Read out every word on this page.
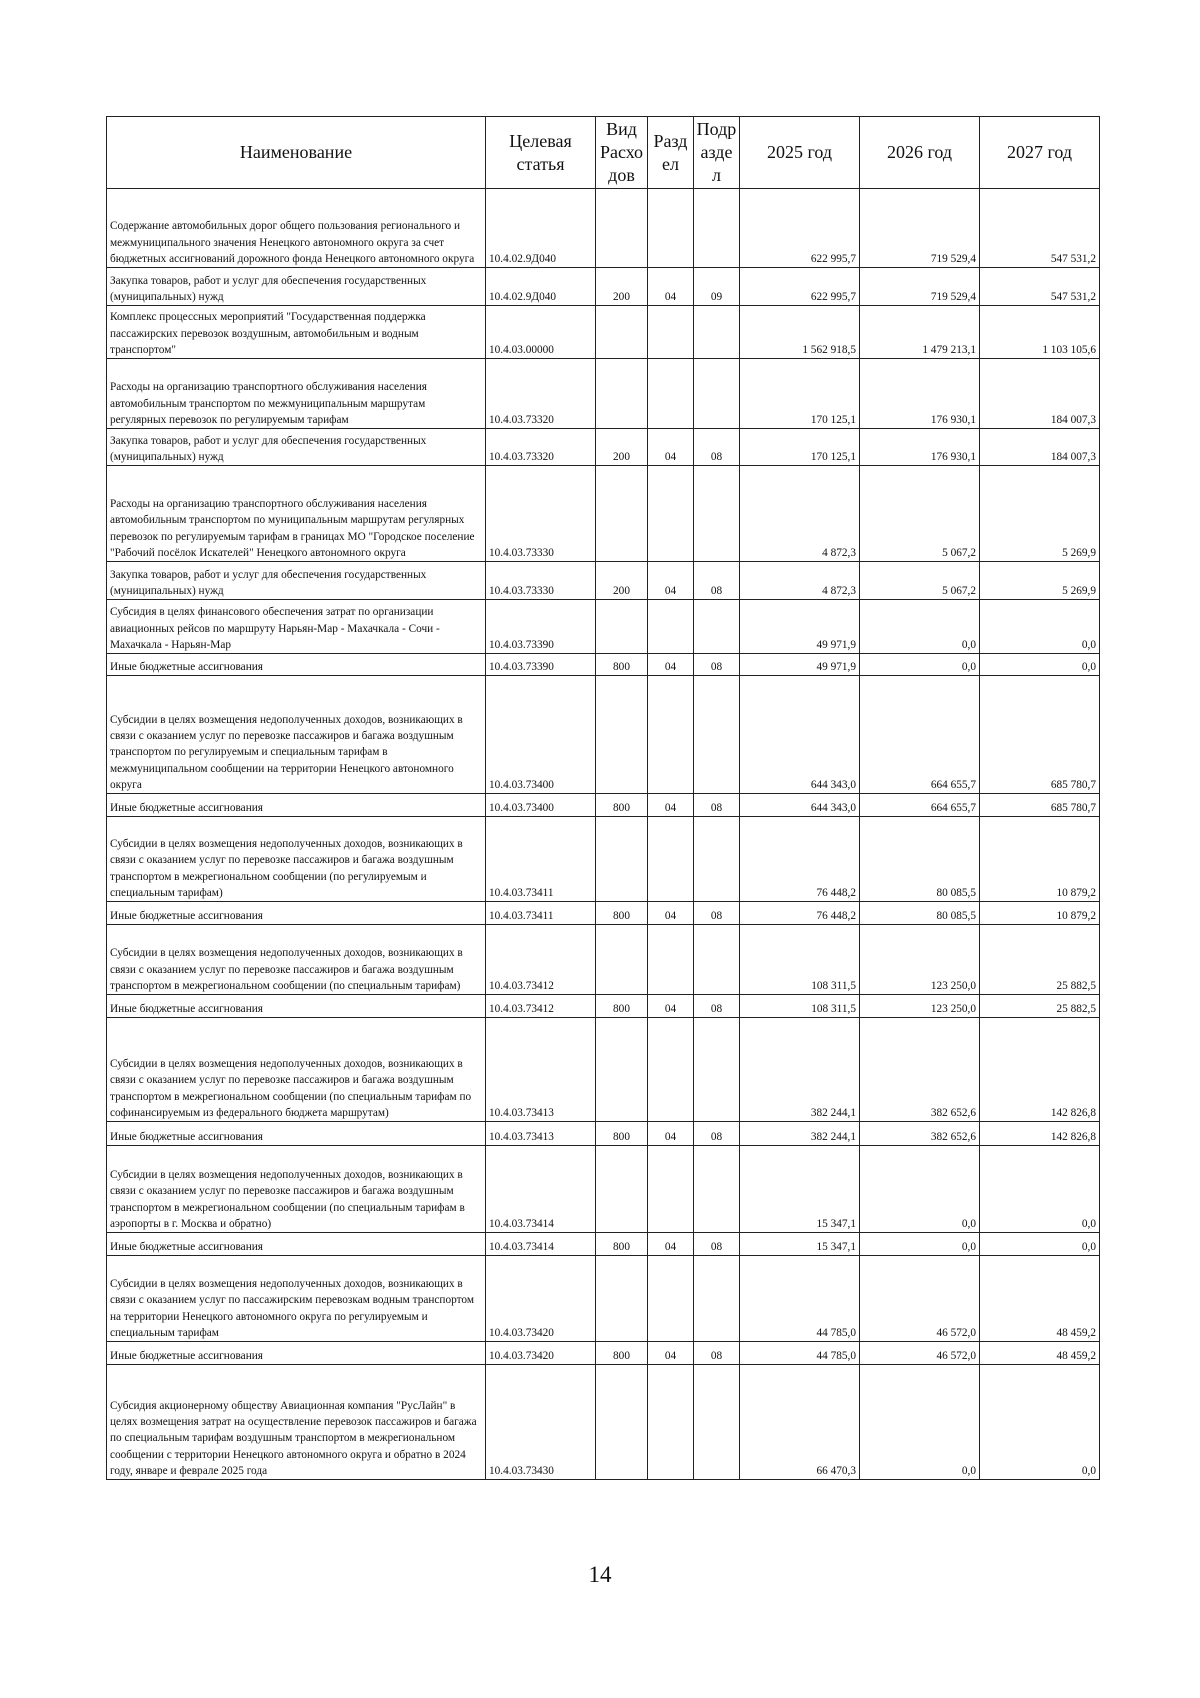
Наименование	Целевая статья	Вид Расхо дов	Разд ел	Подр азде л	2025 год	2026 год	2027 год
Содержание автомобильных дорог общего пользования регионального и межмуниципального значения Ненецкого автономного округа за счет бюджетных ассигнований дорожного фонда Ненецкого автономного округа	10.4.02.9Д040				622 995,7	719 529,4	547 531,2
Закупка товаров, работ и услуг для обеспечения государственных (муниципальных) нужд	10.4.02.9Д040	200	04	09	622 995,7	719 529,4	547 531,2
Комплекс процессных мероприятий "Государственная поддержка пассажирских перевозок воздушным, автомобильным и водным транспортом"	10.4.03.00000				1 562 918,5	1 479 213,1	1 103 105,6
Расходы на организацию транспортного обслуживания населения автомобильным транспортом по межмуниципальным маршрутам регулярных перевозок по регулируемым тарифам	10.4.03.73320				170 125,1	176 930,1	184 007,3
Закупка товаров, работ и услуг для обеспечения государственных (муниципальных) нужд	10.4.03.73320	200	04	08	170 125,1	176 930,1	184 007,3
Расходы на организацию транспортного обслуживания населения автомобильным транспортом по муниципальным маршрутам регулярных перевозок по регулируемым тарифам в границах МО "Городское поселение "Рабочий посёлок Искателей" Ненецкого автономного округа	10.4.03.73330				4 872,3	5 067,2	5 269,9
Закупка товаров, работ и услуг для обеспечения государственных (муниципальных) нужд	10.4.03.73330	200	04	08	4 872,3	5 067,2	5 269,9
Субсидия в целях финансового обеспечения затрат по организации авиационных рейсов по маршруту Нарьян-Мар - Махачкала - Сочи - Махачкала - Нарьян-Мар	10.4.03.73390				49 971,9	0,0	0,0
Иные бюджетные ассигнования	10.4.03.73390	800	04	08	49 971,9	0,0	0,0
Субсидии в целях возмещения недополученных доходов, возникающих в связи с оказанием услуг по перевозке пассажиров и багажа воздушным транспортом по регулируемым и специальным тарифам в межмуниципальном сообщении на территории Ненецкого автономного округа	10.4.03.73400				644 343,0	664 655,7	685 780,7
Иные бюджетные ассигнования	10.4.03.73400	800	04	08	644 343,0	664 655,7	685 780,7
Субсидии в целях возмещения недополученных доходов, возникающих в связи с оказанием услуг по перевозке пассажиров и багажа воздушным транспортом в межрегиональном сообщении (по регулируемым и специальным тарифам)	10.4.03.73411				76 448,2	80 085,5	10 879,2
Иные бюджетные ассигнования	10.4.03.73411	800	04	08	76 448,2	80 085,5	10 879,2
Субсидии в целях возмещения недополученных доходов, возникающих в связи с оказанием услуг по перевозке пассажиров и багажа воздушным транспортом в межрегиональном сообщении (по специальным тарифам)	10.4.03.73412				108 311,5	123 250,0	25 882,5
Иные бюджетные ассигнования	10.4.03.73412	800	04	08	108 311,5	123 250,0	25 882,5
Субсидии в целях возмещения недополученных доходов, возникающих в связи с оказанием услуг по перевозке пассажиров и багажа воздушным транспортом в межрегиональном сообщении (по специальным тарифам по софинансируемым из федерального бюджета маршрутам)	10.4.03.73413				382 244,1	382 652,6	142 826,8
Иные бюджетные ассигнования	10.4.03.73413	800	04	08	382 244,1	382 652,6	142 826,8
Субсидии в целях возмещения недополученных доходов, возникающих в связи с оказанием услуг по перевозке пассажиров и багажа воздушным транспортом в межрегиональном сообщении (по специальным тарифам в аэропорты в г. Москва и обратно)	10.4.03.73414				15 347,1	0,0	0,0
Иные бюджетные ассигнования	10.4.03.73414	800	04	08	15 347,1	0,0	0,0
Субсидии в целях возмещения недополученных доходов, возникающих в связи с оказанием услуг по пассажирским перевозкам водным транспортом на территории Ненецкого автономного округа по регулируемым и специальным тарифам	10.4.03.73420				44 785,0	46 572,0	48 459,2
Иные бюджетные ассигнования	10.4.03.73420	800	04	08	44 785,0	46 572,0	48 459,2
Субсидия акционерному обществу Авиационная компания "РусЛайн" в целях возмещения затрат на осуществление перевозок пассажиров и багажа по специальным тарифам воздушным транспортом в межрегиональном сообщении с территории Ненецкого автономного округа и обратно в 2024 году, январе и феврале 2025 года	10.4.03.73430				66 470,3	0,0	0,0
14
